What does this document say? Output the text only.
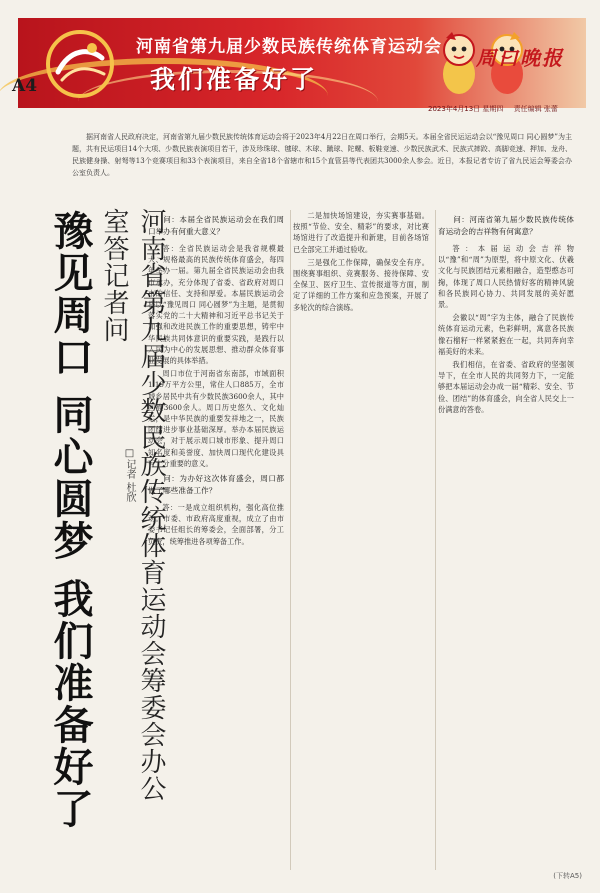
河南省第九届少数民族传统体育运动会
我们准备好了
周口晚报
2023年4月13日 星期四 责任编辑 张蕾
A4

据河南省人民政府决定，河南省第九届少数民族传统体育运动会将于2023年4月22日在周口举行，会期5天。本届全省民运运动会以“豫见周口 同心圆梦”为主题，共有民运项目14个大项、少数民族表演项目若干，涉及珍珠球、毽球、木球、蹴球、陀螺、板鞋竞速、少数民族武术、民族式摔跤、高脚竞速、押加、龙舟、民族健身操、射弩等13个竞赛项目和33个表演项目，来自全省18个省辖市和15个直管县等代表团共3000余人参会。近日，本报记者专访了省九民运会筹委会办公室负责人。

豫见周口 同心圆梦 我们准备好了	河南省第九届少数民族传统体育运动会筹委会办公室答记者问
□记者 杜欣

问：本届全省民族运动会在我们周口举办有何重大意义？

答：全省民族运动会是我省规模最大、规格最高的民族传统体育盛会，每四年举办一届。第九届全省民族运动会由我市承办，充分体现了省委、省政府对周口市的信任、支持和厚爱。本届民族运动会将以“豫见周口 同心圆梦”为主题，是贯彻落实党的二十大精神和习近平总书记关于加强和改进民族工作的重要思想，铸牢中华民族共同体意识的重要实践，是践行以人民为中心的发展思想、推动群众体育事业发展的具体举措。

周口市位于河南省东南部，市域面积1.19万平方公里，常住人口885万，全市城乡居民中共有少数民族3600余人，其中回族3600余人。周口历史悠久、文化灿烂，是中华民族的重要发祥地之一，民族团结进步事业基础深厚。举办本届民族运动会，对于展示周口城市形象、提升周口知名度和美誉度、加快周口现代化建设具有十分重要的意义。

问：为办好这次体育盛会，周口都做了哪些准备工作？

答：一是成立组织机构，强化高位推动。市委、市政府高度重视，成立了由市委书记任组长的筹委会，全面部署，分工负责，统筹推进各项筹备工作。

二是加快场馆建设，夯实赛事基础。按照“节俭、安全、精彩”的要求，对比赛场馆进行了改造提升和新建，目前各场馆已全部完工并通过验收。

三是强化工作保障，确保安全有序。围绕赛事组织、竞赛服务、接待保障、安全保卫、医疗卫生、宣传报道等方面，制定了详细的工作方案和应急预案，开展了多轮次的综合演练。

问：河南省第九届少数民族传统体育运动会的吉祥物有何寓意？

答：本届运动会吉祥物以“豫”和“周”为原型，将中原文化、伏羲文化与民族团结元素相融合，造型憨态可掬，体现了周口人民热情好客的精神风貌和各民族同心协力、共同发展的美好愿景。

会徽以“周”字为主体，融合了民族传统体育运动元素，色彩鲜明，寓意各民族像石榴籽一样紧紧抱在一起，共同奔向幸福美好的未来。

我们相信，在省委、省政府的坚强领导下，在全市人民的共同努力下，一定能够把本届运动会办成一届“精彩、安全、节俭、团结”的体育盛会，向全省人民交上一份满意的答卷。

(下转A5)
